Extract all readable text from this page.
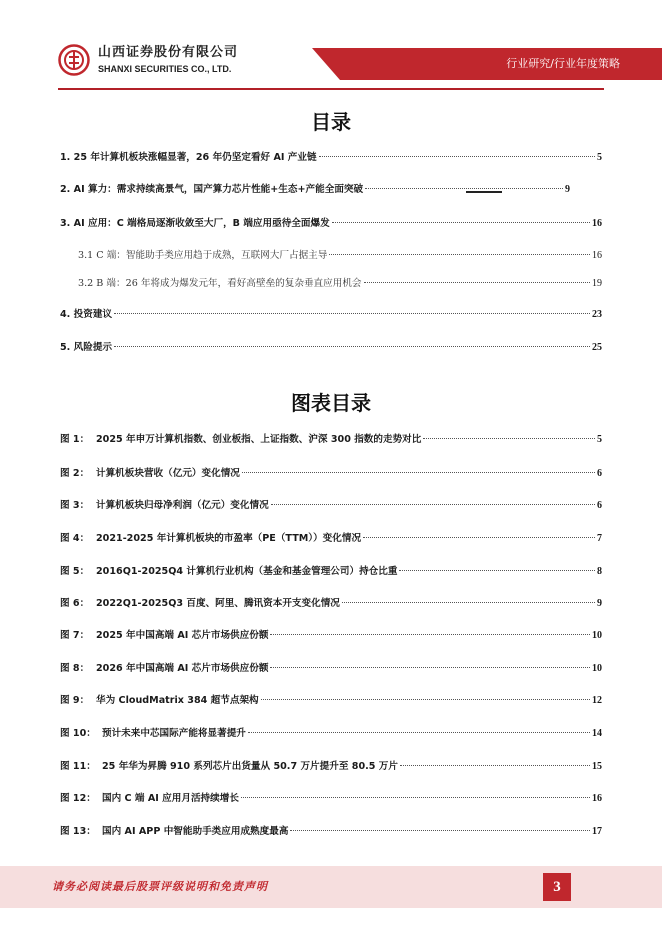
山西证券股份有限公司
SHANXI SECURITIES CO., LTD.	行业研究/行业年度策略
目录
1. 25 年计算机板块涨幅显著，26 年仍坚定看好 AI 产业链	5
2. AI 算力：需求持续高景气，国产算力芯片性能+生态+产能全面突破	9
3. AI 应用：C 端格局逐渐收敛至大厂，B 端应用亟待全面爆发	16
3.1 C 端：智能助手类应用趋于成熟，互联网大厂占据主导	16
3.2 B 端：26 年将成为爆发元年，看好高壁垒的复杂垂直应用机会	19
4. 投资建议	23
5. 风险提示	25
图表目录
图 1： 2025 年申万计算机指数、创业板指、上证指数、沪深 300 指数的走势对比	5
图 2： 计算机板块营收（亿元）变化情况	6
图 3： 计算机板块归母净利润（亿元）变化情况	6
图 4： 2021-2025 年计算机板块的市盈率（PE（TTM））变化情况	7
图 5： 2016Q1-2025Q4 计算机行业机构（基金和基金管理公司）持仓比重	8
图 6： 2022Q1-2025Q3 百度、阿里、腾讯资本开支变化情况	9
图 7： 2025 年中国高端 AI 芯片市场供应份额	10
图 8： 2026 年中国高端 AI 芯片市场供应份额	10
图 9： 华为 CloudMatrix 384 超节点架构	12
图 10： 预计未来中芯国际产能将显著提升	14
图 11： 25 年华为昇腾 910 系列芯片出货量从 50.7 万片提升至 80.5 万片	15
图 12： 国内 C 端 AI 应用月活持续增长	16
图 13： 国内 AI APP 中智能助手类应用成熟度最高	17
请务必阅读最后股票评级说明和免责声明	3
